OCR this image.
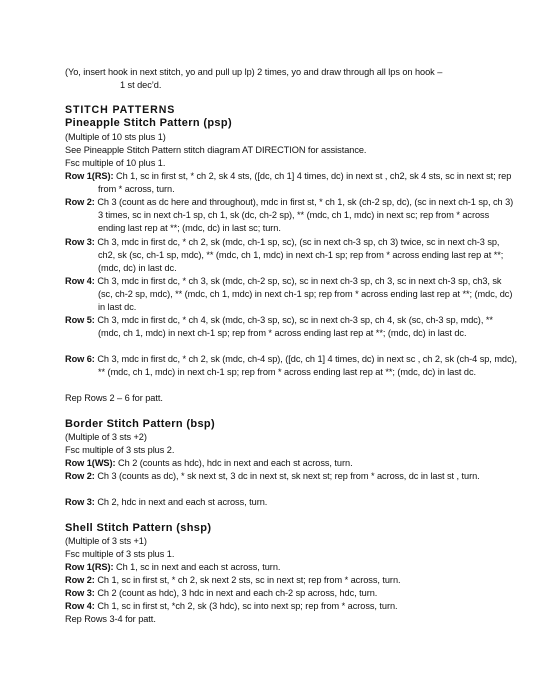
(Yo, insert hook in next stitch, yo and pull up lp) 2 times, yo and draw through all lps on hook –
1 st dec’d.
STITCH PATTERNS
Pineapple Stitch Pattern (psp)
(Multiple of 10 sts plus 1)
See Pineapple Stitch Pattern stitch diagram AT DIRECTION for assistance.
Fsc multiple of 10 plus 1.
Row 1(RS): Ch 1, sc in first st, * ch 2, sk 4 sts, ([dc, ch 1] 4 times, dc) in next st , ch2, sk 4 sts, sc in next st; rep from * across, turn.
Row 2: Ch 3 (count as dc here and throughout), mdc in first st, * ch 1, sk (ch-2 sp, dc), (sc in next ch-1 sp, ch 3) 3 times, sc in next ch-1 sp, ch 1, sk (dc, ch-2 sp), ** (mdc, ch 1, mdc) in next sc; rep from * across ending last rep at **; (mdc, dc) in last sc; turn.
Row 3: Ch 3, mdc in first dc, * ch 2, sk (mdc, ch-1 sp, sc), (sc in next ch-3 sp, ch 3) twice, sc in next ch-3 sp, ch2, sk (sc, ch-1 sp, mdc), ** (mdc, ch 1, mdc) in next ch-1 sp; rep from * across ending last rep at **; (mdc, dc) in last dc.
Row 4: Ch 3, mdc in first dc, * ch 3, sk (mdc, ch-2 sp, sc), sc in next ch-3 sp, ch 3, sc in next ch-3 sp, ch3, sk (sc, ch-2 sp, mdc), ** (mdc, ch 1, mdc) in next ch-1 sp; rep from * across ending last rep at **; (mdc, dc) in last dc.
Row 5: Ch 3, mdc in first dc, * ch 4, sk (mdc, ch-3 sp, sc), sc in next ch-3 sp, ch 4, sk (sc, ch-3 sp, mdc), ** (mdc, ch 1, mdc) in next ch-1 sp; rep from * across ending last rep at **; (mdc, dc) in last dc.
Row 6: Ch 3, mdc in first dc, * ch 2, sk (mdc, ch-4 sp), ([dc, ch 1] 4 times, dc) in next sc , ch 2, sk (ch-4 sp, mdc), ** (mdc, ch 1, mdc) in next ch-1 sp; rep from * across ending last rep at **; (mdc, dc) in last dc.
Rep Rows 2 – 6 for patt.
Border Stitch Pattern (bsp)
(Multiple of 3 sts +2)
Fsc multiple of 3 sts plus 2.
Row 1(WS): Ch 2 (counts as hdc), hdc in next and each st across, turn.
Row 2: Ch 3 (counts as dc), * sk next st, 3 dc in next st, sk next st; rep from * across, dc in last st , turn.
Row 3: Ch 2, hdc in next and each st across, turn.
Shell Stitch Pattern (shsp)
(Multiple of 3 sts +1)
Fsc multiple of 3 sts plus 1.
Row 1(RS): Ch 1, sc in next and each st across, turn.
Row 2: Ch 1, sc in first st, * ch 2, sk next 2 sts, sc in next st; rep from * across, turn.
Row 3: Ch 2 (count as hdc), 3 hdc in next and each ch-2 sp across, hdc, turn.
Row 4: Ch 1, sc in first st, *ch 2, sk (3 hdc), sc into next sp; rep from * across, turn.
Rep Rows 3-4 for patt.
